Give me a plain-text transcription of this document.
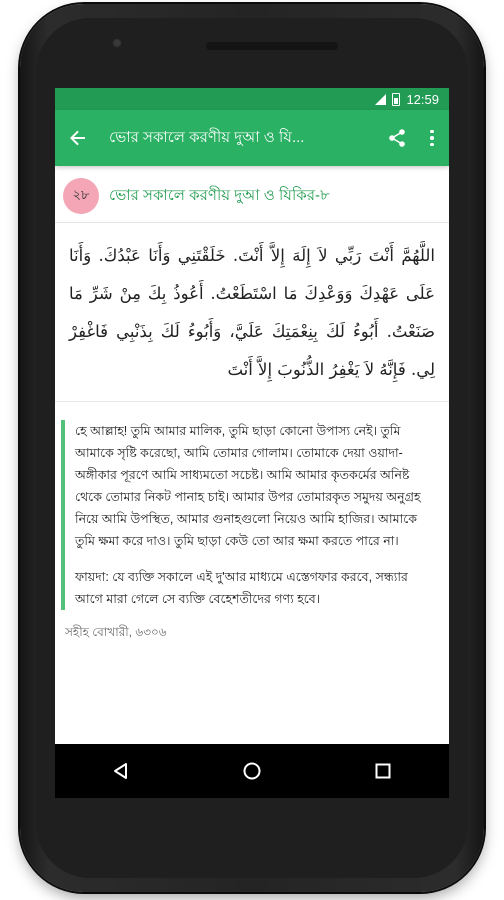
12:59
ভোর সকালে করণীয় দুআ ও যি...
২৮	ভোর সকালে করণীয় দুআ ও যিকির-৮
اللَّهُمَّ أَنْتَ رَبِّي لاَ إِلَهَ إِلاَّ أَنْتَ. خَلَقْتَنِي وَأَنَا عَبْدُكَ. وَأَنَا عَلَى عَهْدِكَ وَوَعْدِكَ مَا اسْتَطَعْتُ. أَعُوذُ بِكَ مِنْ شَرِّ مَا صَنَعْتُ. أَبُوءُ لَكَ بِنِعْمَتِكَ عَلَيَّ، وَأَبُوءُ لَكَ بِذَنْبِي فَاغْفِرْ لِي. فَإِنَّهُ لاَ يَغْفِرُ الذُّنُوبَ إِلاَّ أَنْتَ

হে আল্লাহ! তুমি আমার মালিক, তুমি ছাড়া কোনো উপাস্য নেই। তুমি আমাকে সৃষ্টি করেছো, আমি তোমার গোলাম। তোমাকে দেয়া ওয়াদা-অঙ্গীকার পূরণে আমি সাধ্যমতো সচেষ্ট। আমি আমার কৃতকর্মের অনিষ্ট থেকে তোমার নিকট পানাহ চাই। আমার উপর তোমারকৃত সমুদয় অনুগ্রহ নিয়ে আমি উপস্থিত, আমার গুনাহগুলো নিয়েও আমি হাজির। আমাকে তুমি ক্ষমা করে দাও। তুমি ছাড়া কেউ তো আর ক্ষমা করতে পারে না।

ফায়দা: যে ব্যক্তি সকালে এই দু'আর মাধ্যমে এস্তেগফার করবে, সন্ধ্যার আগে মারা গেলে সে ব্যক্তি বেহেশতীদের গণ্য হবে।

সহীহ বোখারী, ৬৩০৬
